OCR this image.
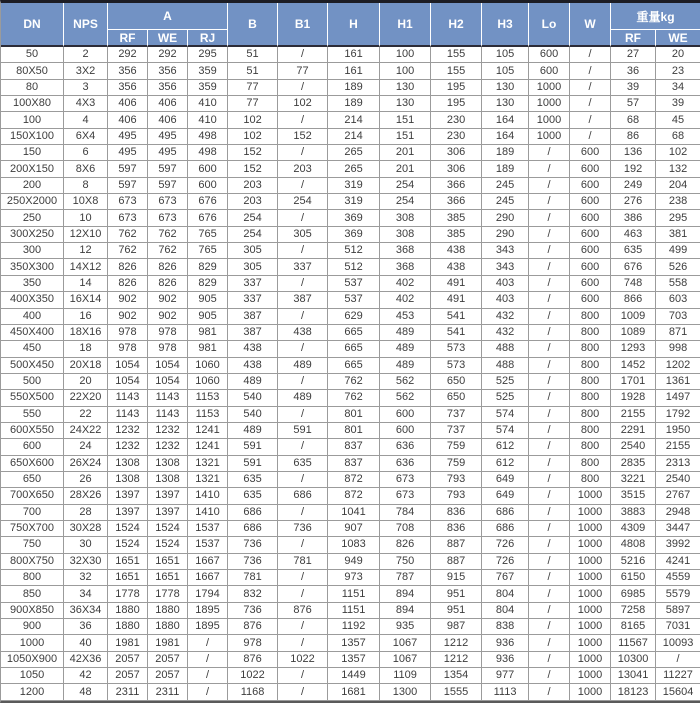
DN	NPS	A			B	B1	H	H1	H2	H3	Lo	W	重量kg	
		RF	WE	RJ									RF	WE
50	2	292	292	295	51	/	161	100	155	105	600	/	27	20
80X50	3X2	356	356	359	51	77	161	100	155	105	600	/	36	23
80	3	356	356	359	77	/	189	130	195	130	1000	/	39	34
100X80	4X3	406	406	410	77	102	189	130	195	130	1000	/	57	39
100	4	406	406	410	102	/	214	151	230	164	1000	/	68	45
150X100	6X4	495	495	498	102	152	214	151	230	164	1000	/	86	68
150	6	495	495	498	152	/	265	201	306	189	/	600	136	102
200X150	8X6	597	597	600	152	203	265	201	306	189	/	600	192	132
200	8	597	597	600	203	/	319	254	366	245	/	600	249	204
250X2000	10X8	673	673	676	203	254	319	254	366	245	/	600	276	238
250	10	673	673	676	254	/	369	308	385	290	/	600	386	295
300X250	12X10	762	762	765	254	305	369	308	385	290	/	600	463	381
300	12	762	762	765	305	/	512	368	438	343	/	600	635	499
350X300	14X12	826	826	829	305	337	512	368	438	343	/	600	676	526
350	14	826	826	829	337	/	537	402	491	403	/	600	748	558
400X350	16X14	902	902	905	337	387	537	402	491	403	/	600	866	603
400	16	902	902	905	387	/	629	453	541	432	/	800	1009	703
450X400	18X16	978	978	981	387	438	665	489	541	432	/	800	1089	871
450	18	978	978	981	438	/	665	489	573	488	/	800	1293	998
500X450	20X18	1054	1054	1060	438	489	665	489	573	488	/	800	1452	1202
500	20	1054	1054	1060	489	/	762	562	650	525	/	800	1701	1361
550X500	22X20	1143	1143	1153	540	489	762	562	650	525	/	800	1928	1497
550	22	1143	1143	1153	540	/	801	600	737	574	/	800	2155	1792
600X550	24X22	1232	1232	1241	489	591	801	600	737	574	/	800	2291	1950
600	24	1232	1232	1241	591	/	837	636	759	612	/	800	2540	2155
650X600	26X24	1308	1308	1321	591	635	837	636	759	612	/	800	2835	2313
650	26	1308	1308	1321	635	/	872	673	793	649	/	800	3221	2540
700X650	28X26	1397	1397	1410	635	686	872	673	793	649	/	1000	3515	2767
700	28	1397	1397	1410	686	/	1041	784	836	686	/	1000	3883	2948
750X700	30X28	1524	1524	1537	686	736	907	708	836	686	/	1000	4309	3447
750	30	1524	1524	1537	736	/	1083	826	887	726	/	1000	4808	3992
800X750	32X30	1651	1651	1667	736	781	949	750	887	726	/	1000	5216	4241
800	32	1651	1651	1667	781	/	973	787	915	767	/	1000	6150	4559
850	34	1778	1778	1794	832	/	1151	894	951	804	/	1000	6985	5579
900X850	36X34	1880	1880	1895	736	876	1151	894	951	804	/	1000	7258	5897
900	36	1880	1880	1895	876	/	1192	935	987	838	/	1000	8165	7031
1000	40	1981	1981	/	978	/	1357	1067	1212	936	/	1000	11567	10093
1050X900	42X36	2057	2057	/	876	1022	1357	1067	1212	936	/	1000	10300	/
1050	42	2057	2057	/	1022	/	1449	1109	1354	977	/	1000	13041	11227
1200	48	2311	2311	/	1168	/	1681	1300	1555	1113	/	1000	18123	15604
